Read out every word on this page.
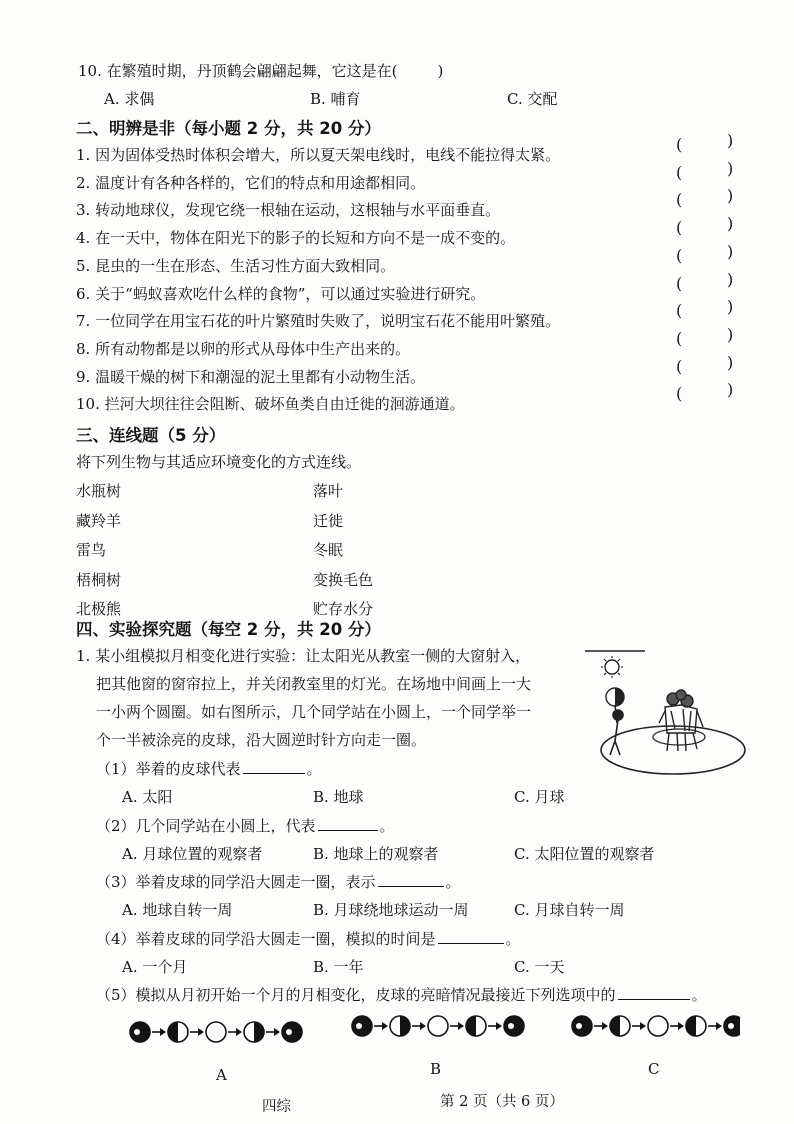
10. 在繁殖时期，丹顶鹤会翩翩起舞，它这是在(	)
A. 求偶	B. 哺育	C. 交配
二、明辨是非（每小题 2 分，共 20 分）
1. 因为固体受热时体积会增大，所以夏天架电线时，电线不能拉得太紧。
(	)
2. 温度计有各种各样的，它们的特点和用途都相同。
(	)
3. 转动地球仪，发现它绕一根轴在运动，这根轴与水平面垂直。
(	)
4. 在一天中，物体在阳光下的影子的长短和方向不是一成不变的。
(	)
5. 昆虫的一生在形态、生活习性方面大致相同。
(	)
6. 关于“蚂蚁喜欢吃什么样的食物”，可以通过实验进行研究。
(	)
7. 一位同学在用宝石花的叶片繁殖时失败了，说明宝石花不能用叶繁殖。
(	)
8. 所有动物都是以卵的形式从母体中生产出来的。
(	)
9. 温暖干燥的树下和潮湿的泥土里都有小动物生活。
(	)
10. 拦河大坝往往会阻断、破坏鱼类自由迁徙的洄游通道。
(	)
三、连线题（5 分）
将下列生物与其适应环境变化的方式连线。
水瓶树	落叶
藏羚羊	迁徙
雷鸟	冬眠
梧桐树	变换毛色
北极熊	贮存水分
四、实验探究题（每空 2 分，共 20 分）
1. 某小组模拟月相变化进行实验：让太阳光从教室一侧的大窗射入，
把其他窗的窗帘拉上，并关闭教室里的灯光。在场地中间画上一大
一小两个圆圈。如右图所示，几个同学站在小圆上，一个同学举一
个一半被涂亮的皮球，沿大圆逆时针方向走一圈。
（1）举着的皮球代表	。
A. 太阳	B. 地球	C. 月球
（2）几个同学站在小圆上，代表	。
A. 月球位置的观察者	B. 地球上的观察者	C. 太阳位置的观察者
（3）举着皮球的同学沿大圆走一圈，表示	。
A. 地球自转一周	B. 月球绕地球运动一周	C. 月球自转一周
（4）举着皮球的同学沿大圆走一圈，模拟的时间是	。
A. 一个月	B. 一年	C. 一天
（5）模拟从月初开始一个月的月相变化，皮球的亮暗情况最接近下列选项中的	。
A	B	C
四综	第 2 页（共 6 页）
